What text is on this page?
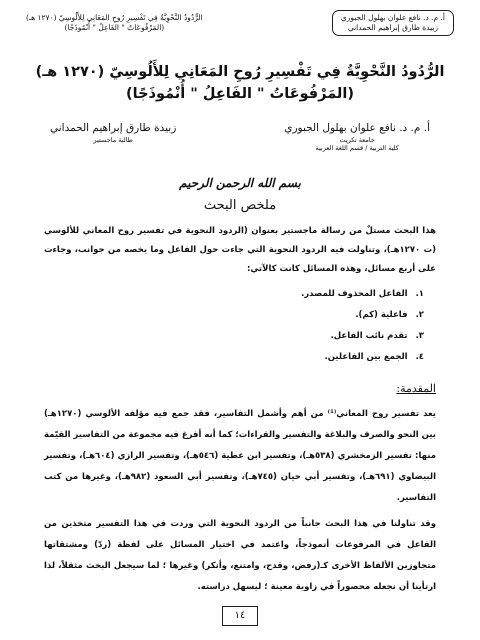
أ. م. د. نافع علوان بهلول الجبوري
زبيدة طارق إبراهيم الحمداني
الرُّدُودُ النَّحْوِيَّةُ فِي تَفْسِيرِ رُوحِ المَعَانِي لِلأَلُوسِيّ (١٢٧٠ هـ)
(المَرْفُوعَاتُ " الفَاعِلُ " أُنْمُوذَجًا)
الرُّدُودُ النَّحْوِيَّةُ فِي تَفْسِيرِ رُوحِ المَعَانِي لِلأَلُوسِيّ (١٢٧٠ هـ)
(المَرْفُوعَاتُ " الفَاعِلُ " أُنْمُوذَجًا)
أ. م. د. نافع علوان بهلول الجبوري
جامعة تكريت
كلية التربية / قسم اللغة العربية
زبيدة طارق إبراهيم الحمداني
طالبة ماجستير
بسم الله الرحمن الرحيم
ملخص البحث
هذا البحث مستلٌ من رسالة ماجستير بعنوان (الردود النحوية في تفسير روح المعاني للألوسي (ت ١٢٧٠هـ)، وتناولت فيه الردود النحوية التي جاءت حول الفاعل وما يخصه من جوانب، وجاءت على أربع مسائل، وهذه المسائل كانت كالآتي:
١.الفاعل المحذوف للمصدر.
٢.فاعلية (كم).
٣.تقدم نائب الفاعل.
٤.الجمع بين الفاعلين.
المقدمة:
يعد تفسير روح المعاني⁽¹⁾ من أهم وأشمل التفاسير، فقد جمع فيه مؤلفه الألوسي (١٢٧٠هـ) بين النحو والصرف والبلاغة والتفسير والقراءات؛ كما أنه أفرغ فيه مجموعة من التفاسير القيّمة منها: تفسير الزمخشري (٥٣٨هـ)، وتفسير ابن عطية (٥٤٦هـ)، وتفسير الرازي (٦٠٤هـ)، وتفسير البيضاوي (٦٩١هـ)، وتفسير أبي حيان (٧٤٥هـ)، وتفسير أبي السعود (٩٨٢هـ)، وغيرها من كتب التفاسير.
وقد تناولنا في هذا البحث جانباً من الردود النحوية التي وردت في هذا التفسير متخذين من الفاعل في المرفوعات أنموذجاً، واعتمد في اختيار المسائل على لفظة (ردّ) ومشتقاتها متجاوزين الألفاظ الأخرى كـ(رفض، وقدح، وامتنع، وأنكر) وغيرها ؛ لما سيجعل البحث مثقلاً، لذا ارتأينا أن نجعله محصوراً في زاوية معينة ؛ ليسهل دراسته.
١٤
